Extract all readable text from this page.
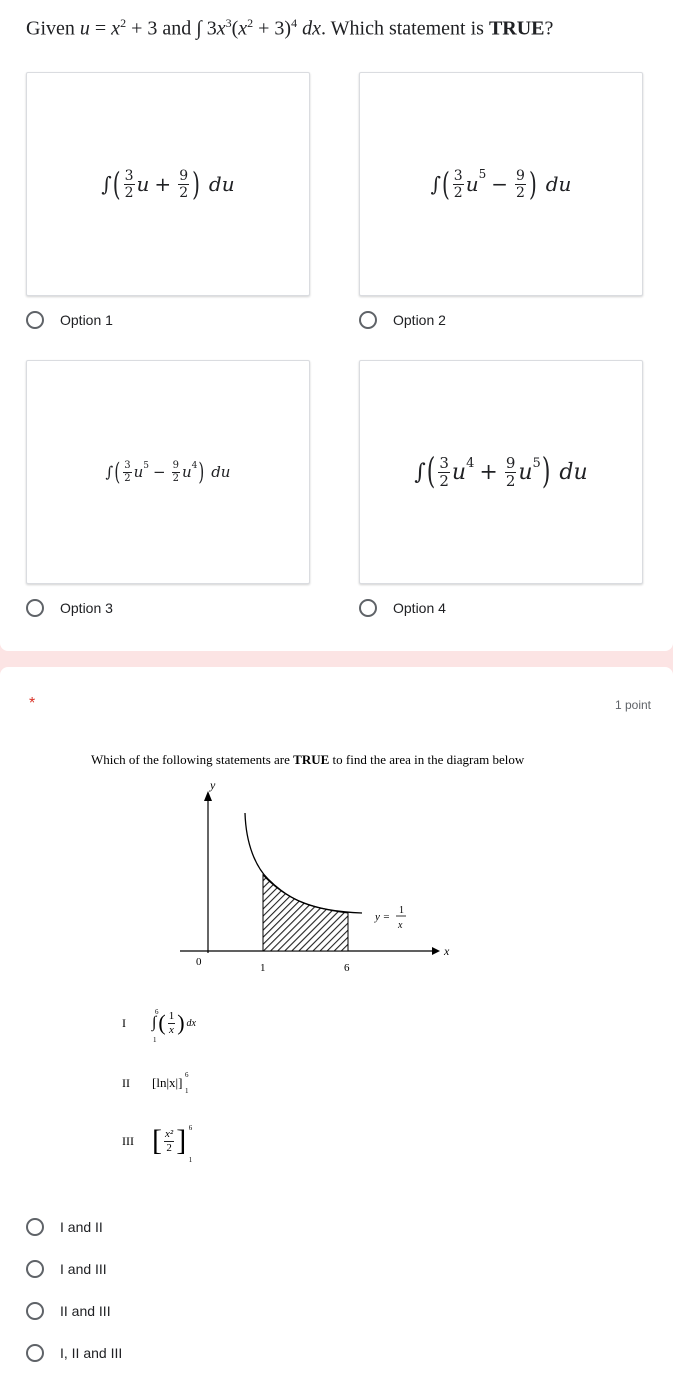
Given $u = x^2 + 3$ and ∫ $3x^3(x^2 + 3)^4$ dx. Which statement is TRUE?
∫ ( $\frac{3}{2}$ $u + \frac{9}{2}$ ) du
Option 1
∫ ( $\frac{3}{2} u^5 - \frac{9}{2}$ ) du
Option 2
∫ ( $\frac{3}{2} u^5 - \frac{9}{2} u^4$ ) du
Option 3
∫ ( $\frac{3}{2} u^4 + \frac{9}{2} u^5$ ) du
Option 4
*	1 point
Which of the following statements are TRUE to find the area in the diagram below
y
x
0	1	6
y =
1
x
I	∫
6
1
( $\frac{1}{x}$ ) dx
II	[ln|x|] 6
1
III [ $\frac{\text{x²}}{2}$ ] 6
1
I and II
I and III
II and III
I, II and III
